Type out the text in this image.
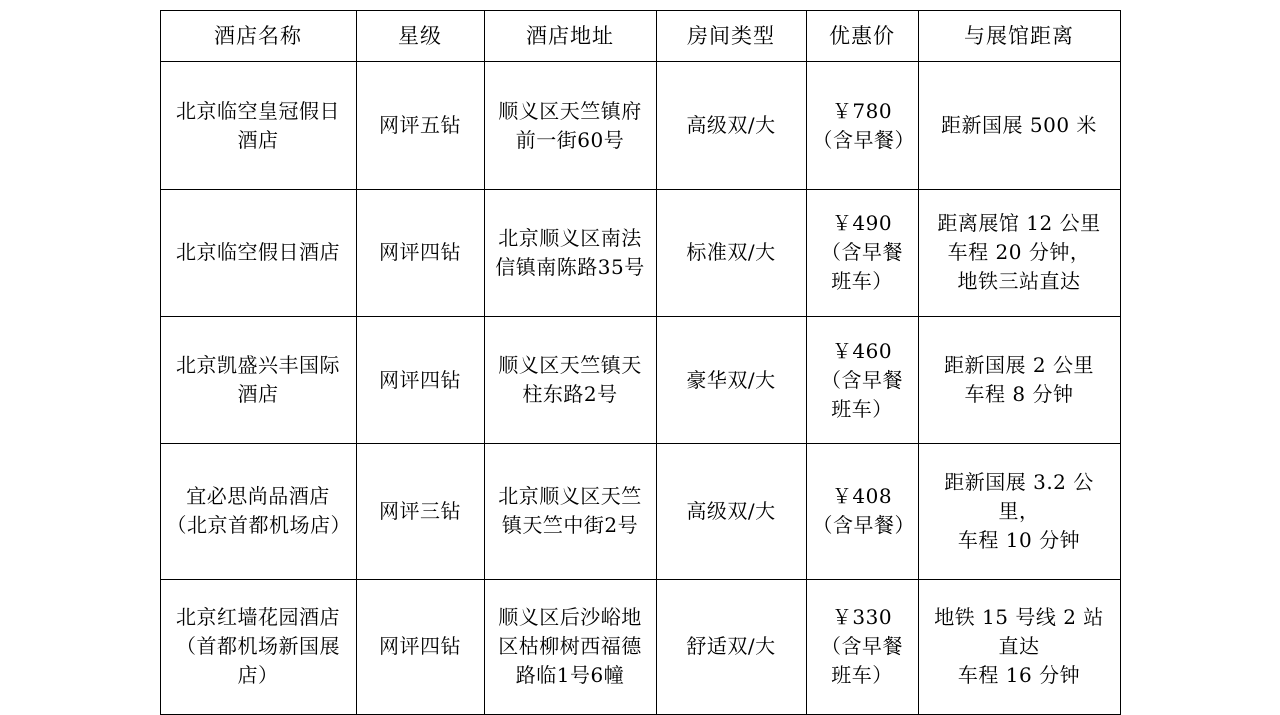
酒店名称	星级	酒店地址	房间类型	优惠价	与展馆距离
北京临空皇冠假日酒店	网评五钻	顺义区天竺镇府前一街60号	高级双/大	￥780（含早餐）	距新国展 500 米
北京临空假日酒店	网评四钻	北京顺义区南法信镇南陈路35号	标准双/大	￥490（含早餐班车）	距离展馆 12 公里
车程 20 分钟，
地铁三站直达

北京凯盛兴丰国际酒店	网评四钻	顺义区天竺镇天柱东路2号	豪华双/大	￥460（含早餐班车）	距新国展 2 公里
车程 8 分钟

宜必思尚品酒店
（北京首都机场店）	网评三钻	北京顺义区天竺镇天竺中街2号	高级双/大	￥408（含早餐）	距新国展 3.2 公里，
车程 10 分钟

北京红墙花园酒店
（首都机场新国展店）	网评四钻	顺义区后沙峪地区枯柳树西福德路临1号6幢	舒适双/大	￥330（含早餐班车）	地铁 15 号线 2 站直达
车程 16 分钟
